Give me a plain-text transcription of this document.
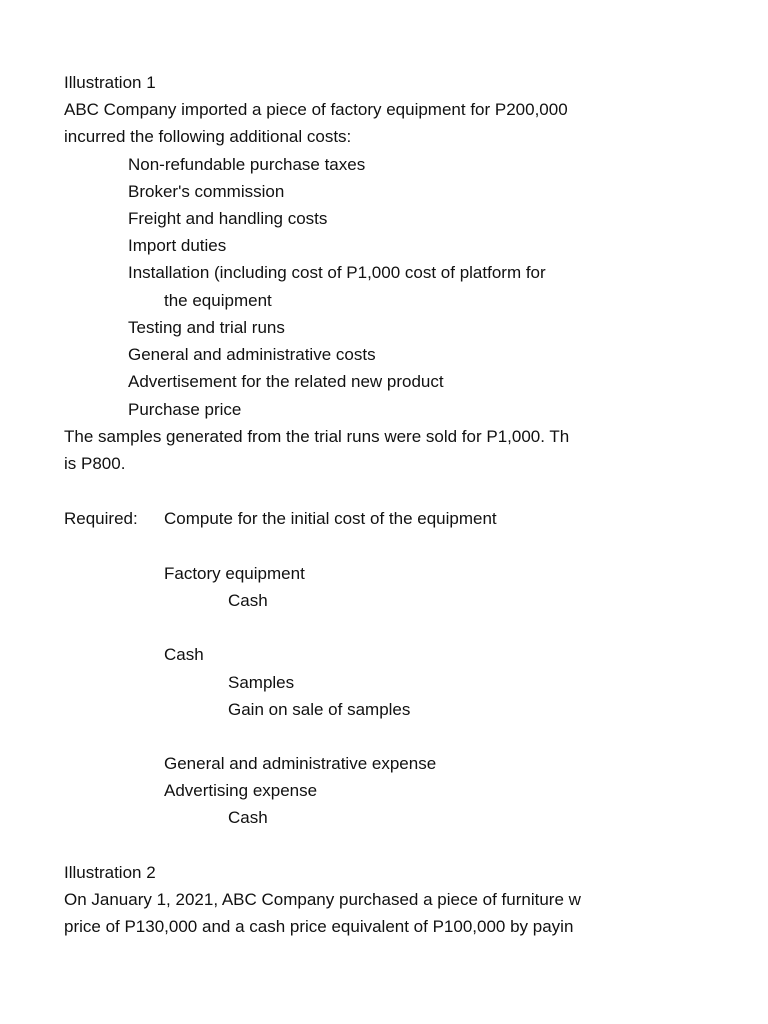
Illustration 1
ABC Company imported a piece of factory equipment for P200,000
incurred the following additional costs:
Non-refundable purchase taxes
Broker's commission
Freight and handling costs
Import duties
Installation (including cost of P1,000 cost of platform for
the equipment
Testing and trial runs
General and administrative costs
Advertisement for the related new product
Purchase price
The samples generated from the trial runs were sold for P1,000. Th
is P800.
Required: Compute for the initial cost of the equipment
Factory equipment
Cash
Cash
Samples
Gain on sale of samples
General and administrative expense
Advertising expense
Cash
Illustration 2
On January 1, 2021, ABC Company purchased a piece of furniture w
price of P130,000 and a cash price equivalent of P100,000 by payin
